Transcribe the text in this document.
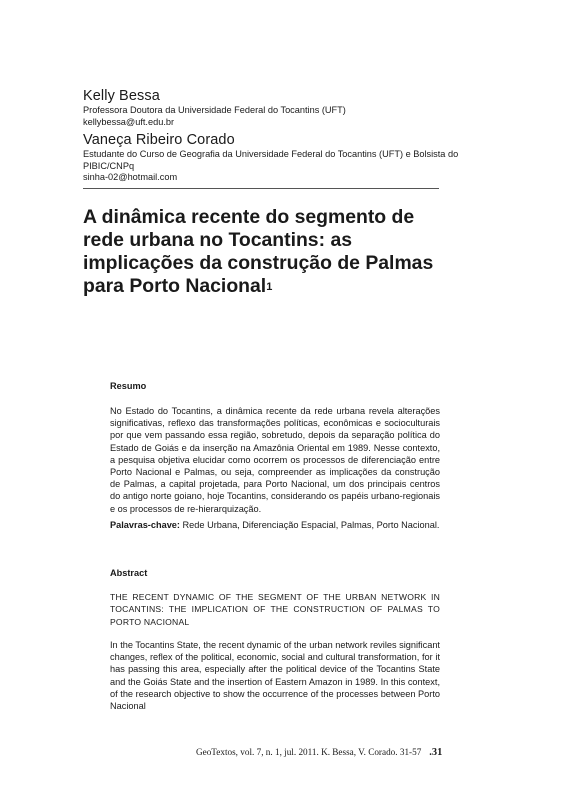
Kelly Bessa
Professora Doutora da Universidade Federal do Tocantins (UFT)
kellybessa@uft.edu.br
Vaneça Ribeiro Corado
Estudante do Curso de Geografia da Universidade Federal do Tocantins (UFT) e Bolsista do
PIBIC/CNPq
sinha-02@hotmail.com
A dinâmica recente do segmento de rede urbana no Tocantins: as implicações da construção de Palmas para Porto Nacional$^1$
Resumo

No Estado do Tocantins, a dinâmica recente da rede urbana revela alterações significativas, reflexo das transformações políticas, econômicas e socioculturais por que vem passando essa região, sobretudo, depois da separação política do Estado de Goiás e da inserção na Amazônia Oriental em 1989. Nesse contexto, a pesquisa objetiva elucidar como ocorrem os processos de diferenciação entre Porto Nacional e Palmas, ou seja, compreender as implicações da construção de Palmas, a capital projetada, para Porto Nacional, um dos principais centros do antigo norte goiano, hoje Tocantins, considerando os papéis urbano-regionais e os processos de re-hierarquização.

Palavras-chave: Rede Urbana, Diferenciação Espacial, Palmas, Porto Nacional.

Abstract

THE RECENT DYNAMIC OF THE SEGMENT OF THE URBAN NETWORK IN TOCANTINS: THE IMPLICATION OF THE CONSTRUCTION OF PALMAS TO PORTO NACIONAL

In the Tocantins State, the recent dynamic of the urban network reviles significant changes, reflex of the political, economic, social and cultural transformation, for it has passing this area, especially after the political device of the Tocantins State and the Goiás State and the insertion of Eastern Amazon in 1989. In this context, of the research objective to show the occurrence of the processes between Porto Nacional

GeoTextos, vol. 7, n. 1, jul. 2011. K. Bessa, V. Corado. 31-57 .31
